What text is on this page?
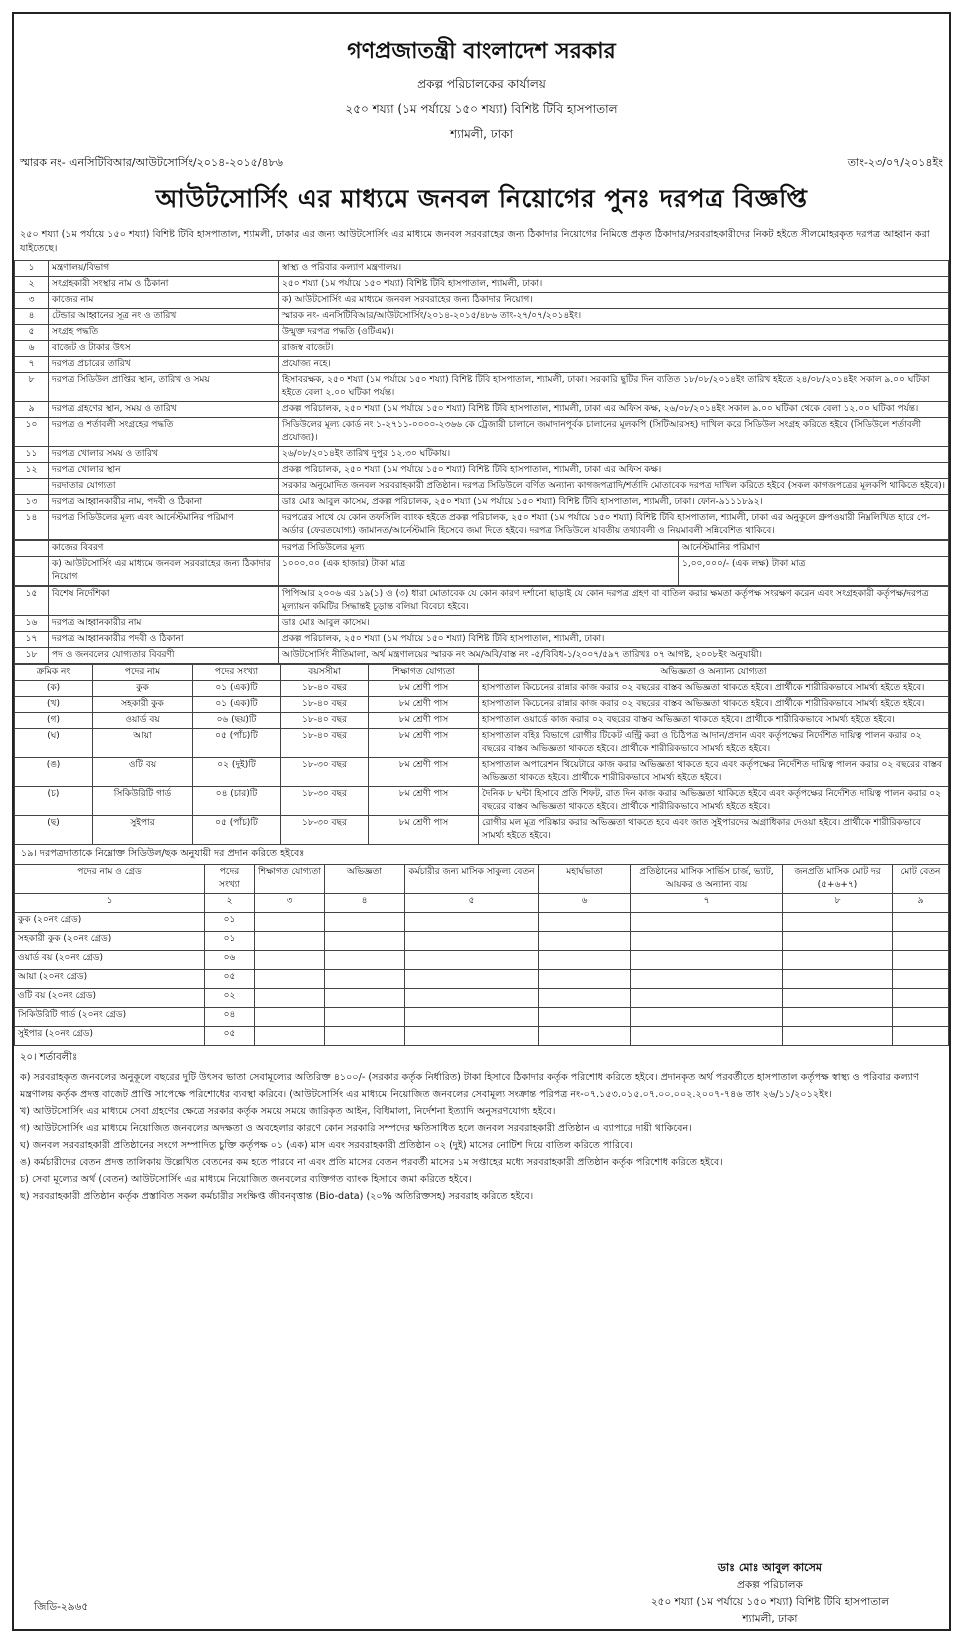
গণপ্রজাতন্ত্রী বাংলাদেশ সরকার
প্রকল্প পরিচালকের কার্যালয়
২৫০ শয্যা (১ম পর্যায়ে ১৫০ শয্যা) বিশিষ্ট টিবি হাসপাতাল
শ্যামলী, ঢাকা
স্মারক নং- এনসিটিবিআর/আউটসোর্সিং/২০১৪-২০১৫/৪৮৬	তাং-২৩/০৭/২০১৪ইং
আউটসোর্সিং এর মাধ্যমে জনবল নিয়োগের পুনঃ দরপত্র বিজ্ঞপ্তি
২৫০ শয্যা (১ম পর্যায়ে ১৫০ শয্যা) বিশিষ্ট টিবি হাসপাতাল, শ্যামলী, ঢাকার এর জন্য আউটসোর্সিং এর মাধ্যমে জনবল সরবরাহের জন্য ঠিকাদার নিয়োগের নিমিত্তে প্রকৃত ঠিকাদার/সরবরাহকারীদের নিকট হইতে সীলমোহরকৃত দরপত্র আহ্বান করা যাইতেছে।
১	মন্ত্রণালয়/বিভাগ	স্বাস্থ্য ও পরিবার কল্যাণ মন্ত্রণালয়।
২	সংগ্রহকারী সংস্থার নাম ও ঠিকানা	২৫০ শয্যা (১ম পর্যায়ে ১৫০ শয্যা) বিশিষ্ট টিবি হাসপাতাল, শ্যামলী, ঢাকা।
৩	কাজের নাম	ক) আউটসোর্সিং এর মাধ্যমে জনবল সরবরাহের জন্য ঠিকাদার নিয়োগ।
৪	টেন্ডার আহ্বানের সূত্র নং ও তারিখ	স্মারক নং- এনসিটিবিআর/আউটসোর্সিং/২০১৪-২০১৫/৪৮৬ তাং-২৭/০৭/২০১৪ইং।
৫	সংগ্রহ পদ্ধতি	উন্মুক্ত দরপত্র পদ্ধতি (ওটিএম)।
৬	বাজেট ও টাকার উৎস	রাজস্ব বাজেট।
৭	দরপত্র প্রচারের তারিখ	প্রযোজ্য নহে।
৮	দরপত্র সিডিউল প্রাপ্তির স্থান, তারিখ ও সময়	হিসাবরক্ষক, ২৫০ শয্যা (১ম পর্যায়ে ১৫০ শয্যা) বিশিষ্ট টিবি হাসপাতাল, শ্যামলী, ঢাকা। সরকারি ছুটির দিন ব্যতিত ১৮/০৮/২০১৪ইং তারিখ হইতে ২৪/০৮/২০১৪ইং সকাল ৯.০০ ঘটিকা হইতে বেলা ২.০০ ঘটিকা পর্যন্ত।
৯	দরপত্র গ্রহণের স্থান, সময় ও তারিখ	প্রকল্প পরিচালক, ২৫০ শয্যা (১ম পর্যায়ে ১৫০ শয্যা) বিশিষ্ট টিবি হাসপাতাল, শ্যামলী, ঢাকা এর অফিস কক্ষ, ২৬/০৮/২০১৪ইং সকাল ৯.০০ ঘটিকা থেকে বেলা ১২.০০ ঘটিকা পর্যন্ত।
১০	দরপত্র ও শর্তাবলী সংগ্রহের পদ্ধতি	সিডিউলের মূল্য কোর্ড নং ১-২৭১১-০০০০-২৩৬৬ কে ট্রেজারী চালানে জমাদানপূর্বক চালানের মূলকপি (সিটিআরসহ) দাখিল করে সিডিউল সংগ্রহ করিতে হইবে (সিডিউলে শর্তাবলী প্রযোজ্য)।
১১	দরপত্র খোলার সময় ও তারিখ	২৬/০৮/২০১৪ইং তারিখ দুপুর ১২.৩০ ঘটিকায়।
১২	দরপত্র খোলার স্থান	প্রকল্প পরিচালক, ২৫০ শয্যা (১ম পর্যায়ে ১৫০ শয্যা) বিশিষ্ট টিবি হাসপাতাল, শ্যামলী, ঢাকা এর অফিস কক্ষ।
	দরদাতার যোগ্যতা	সরকার অনুমোদিত জনবল সরবরাহকারী প্রতিষ্ঠান। দরপত্র সিডিউলে বর্ণিত অন্যান্য কাগজপত্রাদি/শর্তাদি মোতাবেক দরপত্র দাখিল করিতে হইবে (সকল কাগজপত্রের মূলকপি থাকিতে হইবে)।
১৩	দরপত্র আহ্বানকারীর নাম, পদবী ও ঠিকানা	ডাঃ মোঃ আবুল কাসেম, প্রকল্প পরিচালক, ২৫০ শয্যা (১ম পর্যায়ে ১৫০ শয্যা) বিশিষ্ট টিবি হাসপাতাল, শ্যামলী, ঢাকা। ফোন-৯১১১৮৯২।
১৪	দরপত্র সিডিউলের মূল্য এবং আর্নেস্টমানির পরিমাণ	দরপত্রের সাথে যে কোন তফসিলি ব্যাংক হইতে প্রকল্প পরিচালক, ২৫০ শয্যা (১ম পর্যায়ে ১৫০ শয্যা) বিশিষ্ট টিবি হাসপাতাল, শ্যামলী, ঢাকা এর অনুকূলে গ্রুপওয়ারী নিম্নলিখিত হারে পে-অর্ডার (ফেরতযোগ্য) জামানত/আর্নেস্টমানি হিসেবে জমা দিতে হইবে। দরপত্র সিডিউলে যাবতীয় তথ্যাবলী ও নিয়মাবলী সন্নিবেশিত থাকিবে।
	কাজের বিবরণ	দরপত্র সিডিউলের মূল্য	আর্নেস্টমানির পরিমাণ
	ক) আউটসোর্সিং এর মাধ্যমে জনবল সরবরাহের জন্য ঠিকাদার নিয়োগ	১০০০.০০ (এক হাজার) টাকা মাত্র	১,০০,০০০/- (এক লক্ষ) টাকা মাত্র
১৫	বিশেষ নির্দেশিকা	পিপিআর ২০০৬ এর ১৯(১) ও (৩) ধারা মোতাবেক যে কোন কারণ দর্শানো ছাড়াই যে কোন দরপত্র গ্রহণ বা বাতিল করার ক্ষমতা কর্তৃপক্ষ সংরক্ষণ করেন এবং সংগ্রহকারী কর্তৃপক্ষ/দরপত্র মূল্যায়ন কমিটির সিদ্ধান্তই চূড়ান্ত বলিয়া বিবেচ্য হইবে।
১৬	দরপত্র আহ্বানকারীর নাম	ডাঃ মোঃ আবুল কাসেম।
১৭	দরপত্র আহ্বানকারীর পদবী ও ঠিকানা	প্রকল্প পরিচালক, ২৫০ শয্যা (১ম পর্যায়ে ১৫০ শয্যা) বিশিষ্ট টিবি হাসপাতাল, শ্যামলী, ঢাকা।
১৮	পদ ও জনবলের যোগ্যতার বিবরণী	আউটসোর্সিং নীতিমালা, অর্থ মন্ত্রণালয়ের স্মারক নং অম/অবি/বাস্ত নং -৫/বিবিধ-১/২০০৭/৫৯৭ তারিখঃ ০৭ আগষ্ট, ২০০৮ইং অনুযায়ী।
ক্রমিক নং	পদের নাম	পদের সংখ্যা	বয়সসীমা	শিক্ষাগত যোগ্যতা	অভিজ্ঞতা ও অন্যান্য যোগ্যতা
(ক)	কুক	০১ (এক)টি	১৮-৪০ বছর	৮ম শ্রেণী পাস	হাসপাতাল কিচেনের রান্নার কাজ করার ০২ বছরের বাস্তব অভিজ্ঞতা থাকতে হইবে। প্রার্থীকে শারীরিকভাবে সামর্থ্য হইতে হইবে।
(খ)	সহকারী কুক	০১ (এক)টি	১৮-৪০ বছর	৮ম শ্রেণী পাস	হাসপাতাল কিচেনের রান্নার কাজ করার ০২ বছরের বাস্তব অভিজ্ঞতা থাকতে হইবে। প্রার্থীকে শারীরিকভাবে সামর্থ্য হইতে হইবে।
(গ)	ওয়ার্ড বয়	০৬ (ছয়)টি	১৮-৪০ বছর	৮ম শ্রেণী পাস	হাসপাতাল ওয়ার্ডে কাজ করার ০২ বছরের বাস্তব অভিজ্ঞতা থাকতে হইবে। প্রার্থীকে শারীরিকভাবে সামর্থ্য হইতে হইবে।
(ঘ)	আয়া	০৫ (পাঁচ)টি	১৮-৪০ বছর	৮ম শ্রেণী পাস	হাসপাতাল বহিঃ বিভাগে রোগীর টিকেট এন্ট্রি করা ও চিঠিপত্র আদান/প্রদান এবং কর্তৃপক্ষের নির্দেশিত দায়িত্ব পালন করার ০২ বছরের বাস্তব অভিজ্ঞতা থাকতে হইবে। প্রার্থীকে শারীরিকভাবে সামর্থ্য হইতে হইবে।
(ঙ)	ওটি বয়	০২ (দুই)টি	১৮-৩০ বছর	৮ম শ্রেণী পাস	হাসপাতাল অপারেশন থিয়েটারে কাজ করার অভিজ্ঞতা থাকতে হবে এবং কর্তৃপক্ষের নির্দেশিত দায়িত্ব পালন করার ০২ বছরের বাস্তব অভিজ্ঞতা থাকতে হইবে। প্রার্থীকে শারীরিকভাবে সামর্থ্য হইতে হইবে।
(চ)	সিকিউরিটি গার্ড	০৪ (চার)টি	১৮-৩০ বছর	৮ম শ্রেণী পাস	দৈনিক ৮ ঘন্টা হিসাবে প্রতি শিফট, রাত দিন কাজ করার অভিজ্ঞতা থাকিতে হইবে এবং কর্তৃপক্ষের নির্দেশিত দায়িত্ব পালন করার ০২ বছরের বাস্তব অভিজ্ঞতা থাকতে হইবে। প্রার্থীকে শারীরিকভাবে সামর্থ্য হইতে হইবে।
(ছ)	সুইপার	০৫ (পাঁচ)টি	১৮-৩০ বছর	৮ম শ্রেণী পাস	রোগীর মল মূত্র পরিষ্কার করার অভিজ্ঞতা থাকতে হবে এবং জাত সুইপারদের অগ্রাধিকার দেওয়া হইবে। প্রার্থীকে শারীরিকভাবে সামর্থ্য হইতে হইবে।
১৯। দরপত্রদাতাকে নিম্নোক্ত সিডিউল/ছক অনুযায়ী দর প্রদান করিতে হইবেঃ
পদের নাম ও গ্রেড	পদের সংখ্যা	শিক্ষাগত যোগ্যতা	অভিজ্ঞতা	কর্মচারীর জন্য মাসিক সাকুল্য বেতন	মহার্ঘভাতা	প্রতিষ্ঠানের মাসিক সার্ভিস চার্জ, ভ্যাট, আয়কর ও অন্যান্য ব্যয়	জনপ্রতি মাসিক মোট দর (৫+৬+৭)	মোট বেতন
১	২	৩	৪	৫	৬	৭	৮	৯
কুক (২০নং গ্রেড)	০১							
সহকারী কুক (২০নং গ্রেড)	০১							
ওয়ার্ড বয় (২০নং গ্রেড)	০৬							
আয়া (২০নং গ্রেড)	০৫							
ওটি বয় (২০নং গ্রেড)	০২							
সিকিউরিটি গার্ড (২০নং গ্রেড)	০৪							
সুইপার (২০নং গ্রেড)	০৫							
২০। শর্তাবলীঃ
ক) সরবরাহকৃত জনবলের অনুকূলে বছরের দুটি উৎসব ভাতা সেবামূল্যের অতিরিক্ত ৪১০০/- (সরকার কর্তৃক নির্ধারিত) টাকা হিসাবে ঠিকাদার কর্তৃক পরিশোধ করিতে হইবে। প্রদানকৃত অর্থ পরবর্তীতে হাসপাতাল কর্তৃপক্ষ স্বাস্থ্য ও পরিবার কল্যাণ মন্ত্রণালয় কর্তৃক প্রদত্ত বাজেট প্রাপ্তি সাপেক্ষে পরিশোধের ব্যবস্থা করিবে। (আউটসোর্সিং এর মাধ্যমে নিয়োজিত জনবলের সেবামূল্য সংক্রান্ত পরিপত্র নং-০৭.১৫৩.০১৫.০৭.০০.০০২.২০০৭-৭৪৬ তাং ২৬/১১/২০১২ইং।
খ) আউটসোর্সিং এর মাধ্যমে সেবা গ্রহণের ক্ষেত্রে সরকার কর্তৃক সময়ে সময়ে জারিকৃত আইন, বিধিমালা, নির্দেশনা ইত্যাদি অনুসরণযোগ্য হইবে।
গ) আউটসোর্সিং এর মাধ্যমে নিয়োজিত জনবলের অদক্ষতা ও অবহেলার কারণে কোন সরকারি সম্পদের ক্ষতিসাধিত হলে জনবল সরবরাহকারী প্রতিষ্ঠান এ ব্যাপারে দায়ী থাকিবেন।
ঘ) জনবল সরবরাহকারী প্রতিষ্ঠানের সংগে সম্পাদিত চুক্তি কর্তৃপক্ষ ০১ (এক) মাস এবং সরবরাহকারী প্রতিষ্ঠান ০২ (দুই) মাসের নোটিশ দিয়ে বাতিল করিতে পারিবে।
ঙ) কর্মচারীদের বেতন প্রদত্ত তালিকায় উল্লেখিত বেতনের কম হতে পারবে না এবং প্রতি মাসের বেতন পরবর্তী মাসের ১ম সপ্তাহের মধ্যে সরবরাহকারী প্রতিষ্ঠান কর্তৃক পরিশোধ করিতে হইবে।
চ) সেবা মূল্যের অর্থ (বেতন) আউটসোর্সিং এর মাধ্যমে নিয়োজিত জনবলের ব্যক্তিগত ব্যাংক হিসাবে জমা করিতে হইবে।
ছ) সরবরাহকারী প্রতিষ্ঠান কর্তৃক প্রস্তাবিত সকল কর্মচারীর সংক্ষিপ্ত জীবনবৃত্তান্ত (Bio-data) (২০% অতিরিক্তসহ) সরবরাহ করিতে হইবে।
ডাঃ মোঃ আবুল কাসেম
প্রকল্প পরিচালক
২৫০ শয্যা (১ম পর্যায়ে ১৫০ শয্যা) বিশিষ্ট টিবি হাসপাতাল
শ্যামলী, ঢাকা
জিডি-২৯৬৫
